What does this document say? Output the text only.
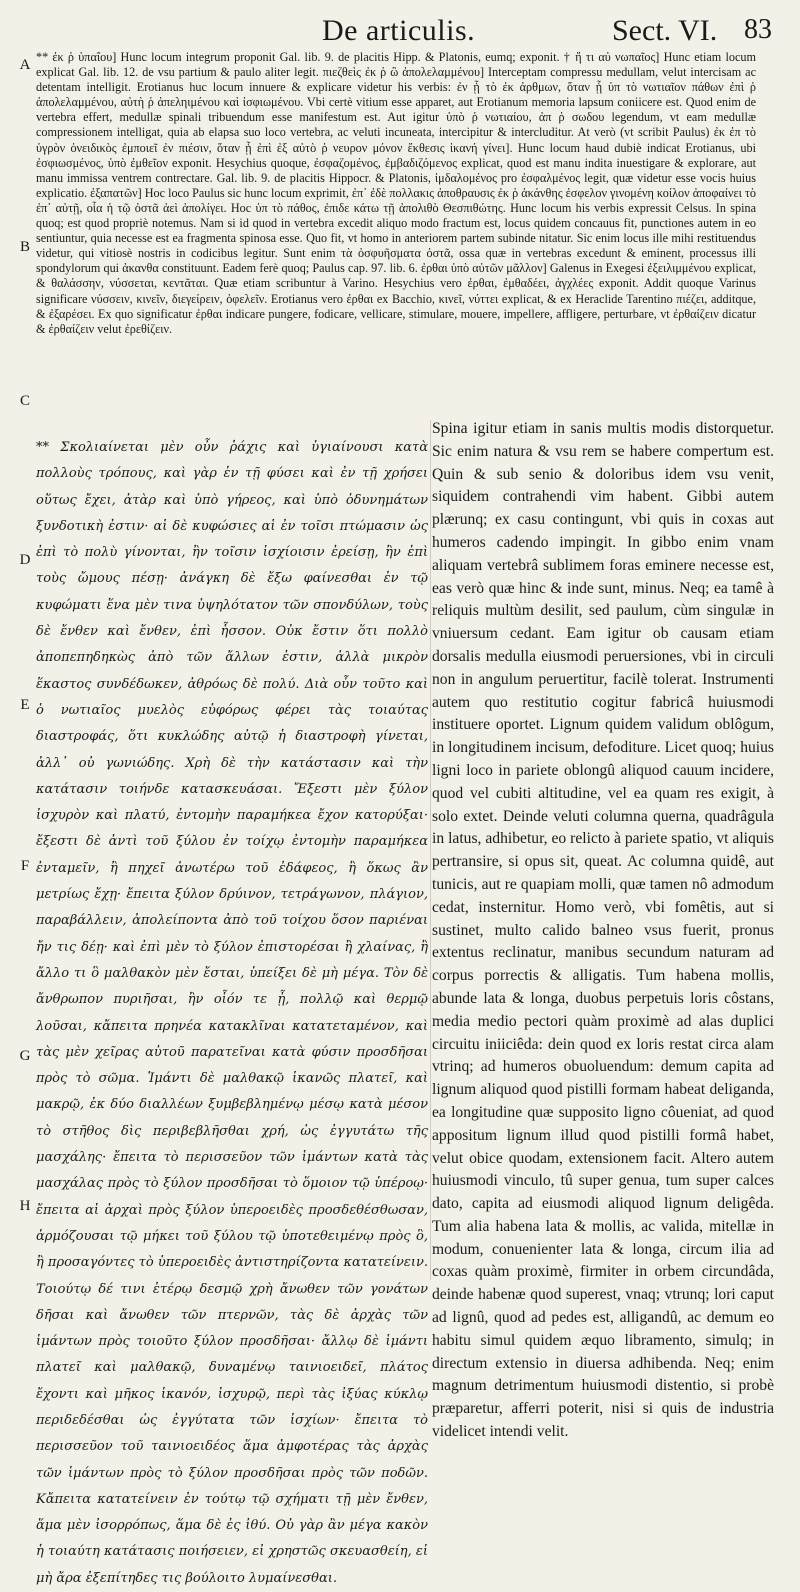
De articulis.	Sect. VI. 83
A
B
C
D
E
F
G
H

** ἐκ ῥ ὑπαΐου] Hunc locum integrum proponit Gal. lib. 9. de placitis Hipp. & Platonis, eumq; exponit. † ἤ τι αὐ νωπαῖος] Hunc etiam locum explicat Gal. lib. 12. de vsu partium & paulo aliter legit. πιεζθεὶς ἐκ ῥ ὢ ἀπολελαμμένου] Interceptam compressu medullam, velut intercisam ac detentam intelligit. Erotianus huc locum innuere & explicare videtur his verbis: ἐν ᾗ τὸ ἐκ ἀρθμων, ὅταν ᾗ ὑπ τὸ νωτιαῖον πάθων ἐπὶ ῥ ἀπολελαμμένου, αὐτὴ ῥ ἀπεληιμένου καὶ ἰσφιωμένου. Vbi certè vitium esse apparet, aut Erotianum memoria lapsum coniicere est. Quod enim de vertebra effert, medullæ spinali tribuendum esse manifestum est. Aut igitur ὑπὸ ῥ νωτιαίου, ἀπ ῥ σωδου legendum, vt eam medullæ compressionem intelligat, quia ab elapsa suo loco vertebra, ac veluti incuneata, intercipitur & intercluditur. At verò (vt scribit Paulus) ἐκ ἐπ τὸ ὑγρὸν ὀνειδικὸς ἐμποιεῖ ἐν πιέσιν, ὅταν ᾗ ἐπὶ ἐξ αὐτὸ ῥ νευρον μόνον ἔκθεσις ἱκανή γίνει]. Hunc locum haud dubiè indicat Erotianus, ubi ἐσφιωσμένος, ὑπὸ ἐμθεῖον exponit. Hesychius quoque, ἐσφαζομένος, ἐμβαδιζόμενος explicat, quod est manu indita inuestigare & explorare, aut manu immissa ventrem contrectare. Gal. lib. 9. de placitis Hippocr. & Platonis, ἱμδαλομένος pro ἐσφαλμένος legit, quæ videtur esse vocis huius explicatio. ἐξαπατῶν] Hoc loco Paulus sic hunc locum exprimit, ἐπ᾽ ἐδὲ πολλακις ἀποθραυσις ἐκ ῥ ἀκάνθης ἐσφελον γινομένη κοίλον ἀποφαίνει τὸ ἐπ᾽ αὐτῇ, οἷα ἡ τῷ ὀστᾶ ἀεὶ ἀπολίγει. Hoc ὑπ τὸ πάθος, ἐπιδε κάτω τῇ ἀπολιθὸ Θεσπιθώτης. Hunc locum his verbis expressit Celsus. In spina quoq; est quod propriè notemus. Nam si id quod in vertebra excedit aliquo modo fractum est, locus quidem concauus fit, punctiones autem in eo sentiuntur, quia necesse est ea fragmenta spinosa esse. Quo fit, vt homo in anteriorem partem subinde nitatur. Sic enim locus ille mihi restituendus videtur, qui vitiosè nostris in codicibus legitur. Sunt enim τὰ ὀσφυῆσματα ὀστᾶ, ossa quæ in vertebras excedunt & eminent, processus illi spondylorum qui ἀκανθα constituunt. Eadem ferè quoq; Paulus cap. 97. lib. 6. ἐρθαι ὑπὸ αὐτῶν μᾶλλον] Galenus in Exegesi ἐξειλιμμένου explicat, & θαλάσσην, νύσσεται, κεντᾶται. Quæ etiam scribuntur à Varino. Hesychius vero ἐρθαι, ἐμθαδέει, ἀγχλέες exponit. Addit quoque Varinus significare νύσσειν, κινεῖν, διεγείρειν, ὀφελεῖν. Erotianus vero ἐρθαι ex Bacchio, κινεῖ, νύττει explicat, & ex Heraclide Tarentino πιέζει, additque, & ἐξαρέσει. Ex quo significatur ἐρθαι indicare pungere, fodicare, vellicare, stimulare, mouere, impellere, affligere, perturbare, vt ἐρθαίζειν dicatur & ἐρθαίζειν velut ἐρεθίζειν.

** Σκολιαίνεται μὲν οὖν ῥάχις καὶ ὑγιαίνουσι κατὰ πολλοὺς τρόπους, καὶ γὰρ ἐν τῇ φύσει καὶ ἐν τῇ χρήσει οὕτως ἔχει, ἀτὰρ καὶ ὑπὸ γήρεος, καὶ ὑπὸ ὀδυνημάτων ξυνδοτικὴ ἐστιν· αἱ δὲ κυφώσιες αἱ ἐν τοῖσι πτώμασιν ὡς ἐπὶ τὸ πολὺ γίνονται, ἢν τοῖσιν ἰσχίοισιν ἐρείσῃ, ἢν ἐπὶ τοὺς ὤμους πέσῃ· ἀνάγκη δὲ ἔξω φαίνεσθαι ἐν τῷ κυφώματι ἕνα μὲν τινα ὑψηλότατον τῶν σπονδύλων, τοὺς δὲ ἔνθεν καὶ ἔνθεν, ἐπὶ ἧσσον. Οὐκ ἔστιν ὅτι πολλὸ ἀποπεπηδηκὼς ἀπὸ τῶν ἄλλων ἐστιν, ἀλλὰ μικρὸν ἕκαστος συνδέδωκεν, ἀθρόως δὲ πολύ. Διὰ οὖν τοῦτο καὶ ὁ νωτιαῖος μυελὸς εὐφόρως φέρει τὰς τοιαύτας διαστροφάς, ὅτι κυκλώδης αὐτῷ ἡ διαστροφὴ γίνεται, ἀλλ᾽ οὐ γωνιώδης. Χρὴ δὲ τὴν κατάστασιν καὶ τὴν κατάτασιν τοιήνδε κατασκευάσαι. Ἔξεστι μὲν ξύλον ἰσχυρὸν καὶ πλατύ, ἐντομὴν παραμήκεα ἔχον κατορύξαι· ἔξεστι δὲ ἀντὶ τοῦ ξύλου ἐν τοίχῳ ἐντομὴν παραμήκεα ἐνταμεῖν, ἢ πηχεῖ ἀνωτέρω τοῦ ἐδάφεος, ἢ ὅκως ἂν μετρίως ἔχῃ· ἔπειτα ξύλον δρύινον, τετράγωνον, πλάγιον, παραβάλλειν, ἀπολείποντα ἀπὸ τοῦ τοίχου ὅσον παριέναι ἤν τις δέῃ· καὶ ἐπὶ μὲν τὸ ξύλον ἐπιστορέσαι ἢ χλαίνας, ἢ ἄλλο τι ὃ μαλθακὸν μὲν ἔσται, ὑπείξει δὲ μὴ μέγα. Τὸν δὲ ἄνθρωπον πυριῆσαι, ἢν οἷόν τε ᾖ, πολλῷ καὶ θερμῷ λοῦσαι, κἄπειτα πρηνέα κατακλῖναι κατατεταμένον, καὶ τὰς μὲν χεῖρας αὐτοῦ παρατεῖναι κατὰ φύσιν προσδῆσαι πρὸς τὸ σῶμα. Ἱμάντι δὲ μαλθακῷ ἱκανῶς πλατεῖ, καὶ μακρῷ, ἐκ δύο διαλλέων ξυμβεβλημένῳ μέσῳ κατὰ μέσον τὸ στῆθος δὶς περιβεβλῆσθαι χρή, ὡς ἐγγυτάτω τῆς μασχάλης· ἔπειτα τὸ περισσεῦον τῶν ἱμάντων κατὰ τὰς μασχάλας πρὸς τὸ ξύλον προσδῆσαι τὸ ὅμοιον τῷ ὑπέροῳ· ἔπειτα αἱ ἀρχαὶ πρὸς ξύλον ὑπεροειδὲς προσδεθέσθωσαν, ἁρμόζουσαι τῷ μήκει τοῦ ξύλου τῷ ὑποτεθειμένῳ πρὸς ὃ, ἢ προσαγόντες τὸ ὑπεροειδὲς ἀντιστηρίζοντα κατατείνειν. Τοιούτῳ δέ τινι ἑτέρῳ δεσμῷ χρὴ ἄνωθεν τῶν γονάτων δῆσαι καὶ ἄνωθεν τῶν πτερνῶν, τὰς δὲ ἀρχὰς τῶν ἱμάντων πρὸς τοιοῦτο ξύλον προσδῆσαι· ἄλλῳ δὲ ἱμάντι πλατεῖ καὶ μαλθακῷ, δυναμένῳ ταινιοειδεῖ, πλάτος ἔχοντι καὶ μῆκος ἱκανόν, ἰσχυρῷ, περὶ τὰς ἰξύας κύκλῳ περιδεδέσθαι ὡς ἐγγύτατα τῶν ἰσχίων· ἔπειτα τὸ περισσεῦον τοῦ ταινιοειδέος ἅμα ἀμφοτέρας τὰς ἀρχὰς τῶν ἱμάντων πρὸς τὸ ξύλον προσδῆσαι πρὸς τῶν ποδῶν. Κἄπειτα κατατείνειν ἐν τούτῳ τῷ σχήματι τῇ μὲν ἔνθεν, ἅμα μὲν ἰσορρόπως, ἅμα δὲ ἐς ἰθύ. Οὐ γὰρ ἂν μέγα κακὸν ἡ τοιαύτη κατάτασις ποιήσειεν, εἰ χρηστῶς σκευασθείη, εἰ μὴ ἄρα ἐξεπίτηδες τις βούλοιτο λυμαίνεσθαι.

Spina igitur etiam in sanis multis modis distorquetur. Sic enim natura & vsu rem se habere compertum est. Quin & sub senio & doloribus idem vsu venit, siquidem contrahendi vim habent. Gibbi autem plærunq; ex casu contingunt, vbi quis in coxas aut humeros cadendo impingit. In gibbo enim vnam aliquam vertebrâ sublimem foras eminere necesse est, eas verò quæ hinc & inde sunt, minus. Neq; ea tamê à reliquis multùm desilit, sed paulum, cùm singulæ in vniuersum cedant. Eam igitur ob causam etiam dorsalis medulla eiusmodi peruersiones, vbi in circuli non in angulum peruertitur, facilè tolerat. Instrumenti autem quo restitutio cogitur fabricâ huiusmodi instituere oportet. Lignum quidem validum oblôgum, in longitudinem incisum, defoditure. Licet quoq; huius ligni loco in pariete oblongû aliquod cauum incidere, quod vel cubiti altitudine, vel ea quam res exigit, à solo extet. Deinde veluti columna querna, quadrâgula in latus, adhibetur, eo relicto à pariete spatio, vt aliquis pertransire, si opus sit, queat. Ac columna quidê, aut tunicis, aut re quapiam molli, quæ tamen nô admodum cedat, insternitur. Homo verò, vbi fomêtis, aut si sustinet, multo calido balneo vsus fuerit, pronus extentus reclinatur, manibus secundum naturam ad corpus porrectis & alligatis. Tum habena mollis, abunde lata & longa, duobus perpetuis loris côstans, media medio pectori quàm proximè ad alas duplici circuitu iniiciêda: dein quod ex loris restat circa alam vtrinq; ad humeros obuoluendum: demum capita ad lignum aliquod quod pistilli formam habeat deliganda, ea longitudine quæ supposito ligno côueniat, ad quod appositum lignum illud quod pistilli formâ habet, velut obice quodam, extensionem facit. Altero autem huiusmodi vinculo, tû super genua, tum super calces dato, capita ad eiusmodi aliquod lignum deligêda. Tum alia habena lata & mollis, ac valida, mitellæ in modum, conuenienter lata & longa, circum ilia ad coxas quàm proximè, firmiter in orbem circundâda, deinde habenæ quod superest, vnaq; vtrunq; lori caput ad lignû, quod ad pedes est, alligandû, ac demum eo habitu simul quidem æquo libramento, simulq; in directum extensio in diuersa adhibenda. Neq; enim magnum detrimentum huiusmodi distentio, si probè præparetur, afferri poterit, nisi si quis de industria videlicet intendi velit.
